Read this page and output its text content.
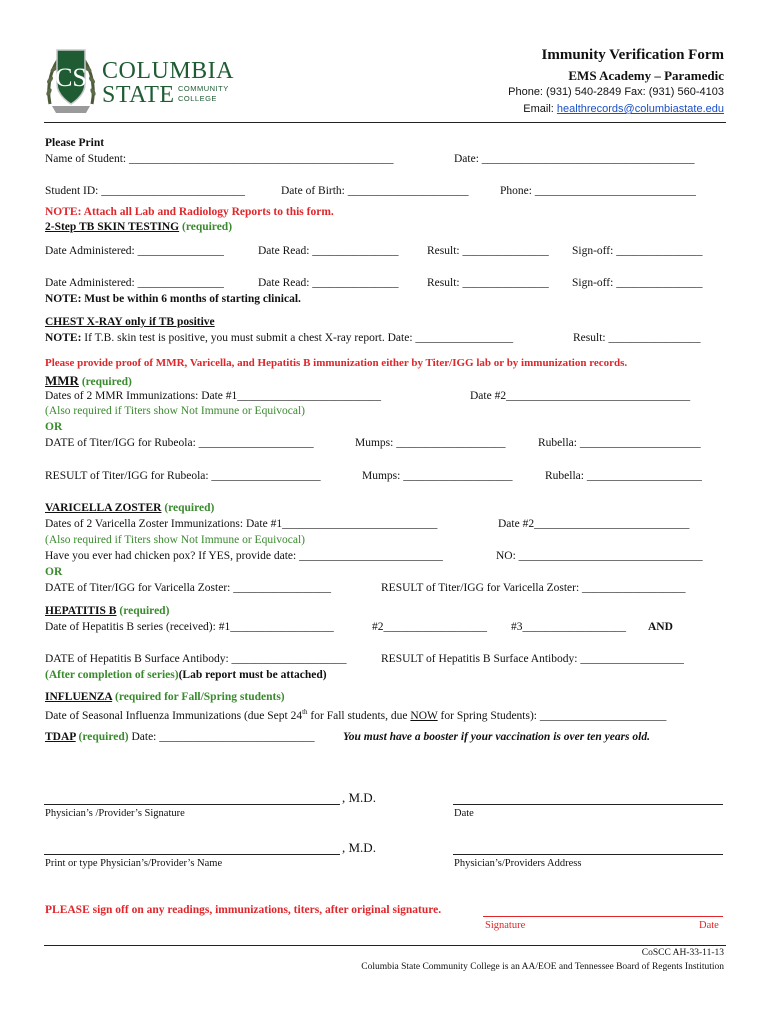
CS COLUMBIA
STATE COMMUNITY
COLLEGE
Immunity Verification Form
EMS Academy – Paramedic
Phone: (931) 540-2849 Fax: (931) 560-4103
Email: healthrecords@columbiastate.edu
Please Print
Name of Student: ______________________________________________	Date: _____________________________________
Student ID: _________________________	Date of Birth: _____________________	Phone: ____________________________
NOTE: Attach all Lab and Radiology Reports to this form.
2-Step TB SKIN TESTING (required)
Date Administered: _______________	Date Read: _______________ Result: _______________ Sign-off: _______________
Date Administered: _______________	Date Read: _______________ Result: _______________ Sign-off: _______________
NOTE: Must be within 6 months of starting clinical.
CHEST X-RAY only if TB positive
NOTE: If T.B. skin test is positive, you must submit a chest X-ray report. Date: _________________	Result: ________________
Please provide proof of MMR, Varicella, and Hepatitis B immunization either by Titer/IGG lab or by immunization records.
MMR (required)
Dates of 2 MMR Immunizations: Date #1_________________________	Date #2________________________________
(Also required if Titers show Not Immune or Equivocal)
OR
DATE of Titer/IGG for Rubeola: ____________________	Mumps: ___________________	Rubella: _____________________
RESULT of Titer/IGG for Rubeola: ___________________	Mumps: ___________________	Rubella: ____________________
VARICELLA ZOSTER (required)
Dates of 2 Varicella Zoster Immunizations: Date #1___________________________	Date #2___________________________
(Also required if Titers show Not Immune or Equivocal)
Have you ever had chicken pox? If YES, provide date: _________________________	NO: ________________________________
OR
DATE of Titer/IGG for Varicella Zoster: _________________	RESULT of Titer/IGG for Varicella Zoster: __________________
HEPATITIS B (required)
Date of Hepatitis B series (received): #1__________________	#2__________________ #3__________________ AND
DATE of Hepatitis B Surface Antibody: ____________________	RESULT of Hepatitis B Surface Antibody: __________________
(After completion of series)(Lab report must be attached)
INFLUENZA (required for Fall/Spring students)
Date of Seasonal Influenza Immunizations (due Sept 24th for Fall students, due NOW for Spring Students): ______________________
TDAP (required) Date: ___________________________ You must have a booster if your vaccination is over ten years old.
, M.D.
Physician’s /Provider’s Signature	Date
, M.D.
Print or type Physician’s/Provider’s Name	Physician’s/Providers Address
PLEASE sign off on any readings, immunizations, titers, after original signature.
Signature	Date
CoSCC AH-33-11-13
Columbia State Community College is an AA/EOE and Tennessee Board of Regents Institution
